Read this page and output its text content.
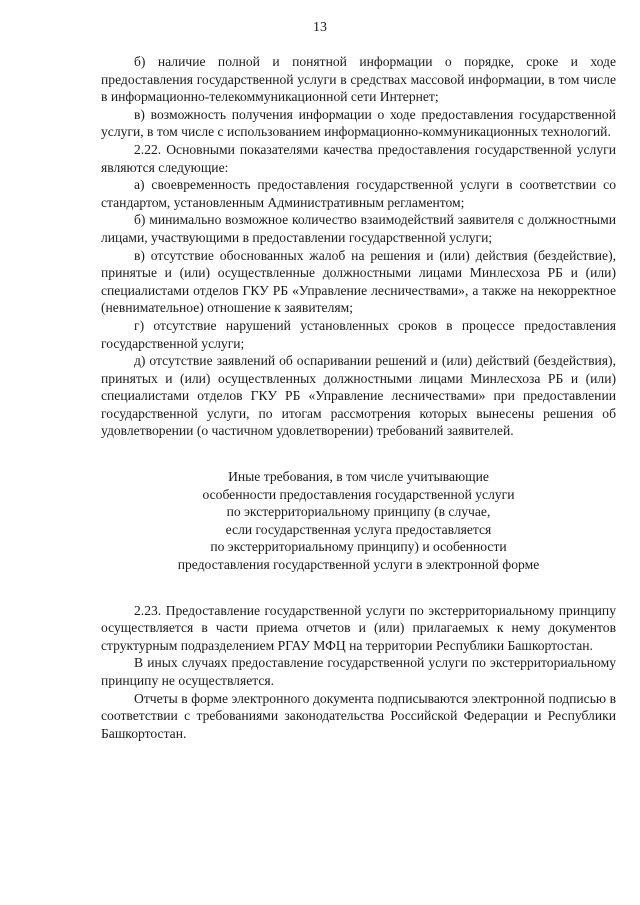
13

б) наличие полной и понятной информации о порядке, сроке и ходе предоставления государственной услуги в средствах массовой информации, в том числе в информационно-телекоммуникационной сети Интернет;

в) возможность получения информации о ходе предоставления государственной услуги, в том числе с использованием информационно-коммуникационных технологий.

2.22. Основными показателями качества предоставления государственной услуги являются следующие:

а) своевременность предоставления государственной услуги в соответствии со стандартом, установленным Административным регламентом;

б) минимально возможное количество взаимодействий заявителя с должностными лицами, участвующими в предоставлении государственной услуги;

в) отсутствие обоснованных жалоб на решения и (или) действия (бездействие), принятые и (или) осуществленные должностными лицами Минлесхоза РБ и (или) специалистами отделов ГКУ РБ «Управление лесничествами», а также на некорректное (невнимательное) отношение к заявителям;

г) отсутствие нарушений установленных сроков в процессе предоставления государственной услуги;

д) отсутствие заявлений об оспаривании решений и (или) действий (бездействия), принятых и (или) осуществленных должностными лицами Минлесхоза РБ и (или) специалистами отделов ГКУ РБ «Управление лесничествами» при предоставлении государственной услуги, по итогам рассмотрения которых вынесены решения об удовлетворении (о частичном удовлетворении) требований заявителей.

Иные требования, в том числе учитывающие
особенности предоставления государственной услуги
по экстерриториальному принципу (в случае,
если государственная услуга предоставляется
по экстерриториальному принципу) и особенности
предоставления государственной услуги в электронной форме

2.23. Предоставление государственной услуги по экстерриториальному принципу осуществляется в части приема отчетов и (или) прилагаемых к нему документов структурным подразделением РГАУ МФЦ на территории Республики Башкортостан.

В иных случаях предоставление государственной услуги по экстерриториальному принципу не осуществляется.

Отчеты в форме электронного документа подписываются электронной подписью в соответствии с требованиями законодательства Российской Федерации и Республики Башкортостан.
